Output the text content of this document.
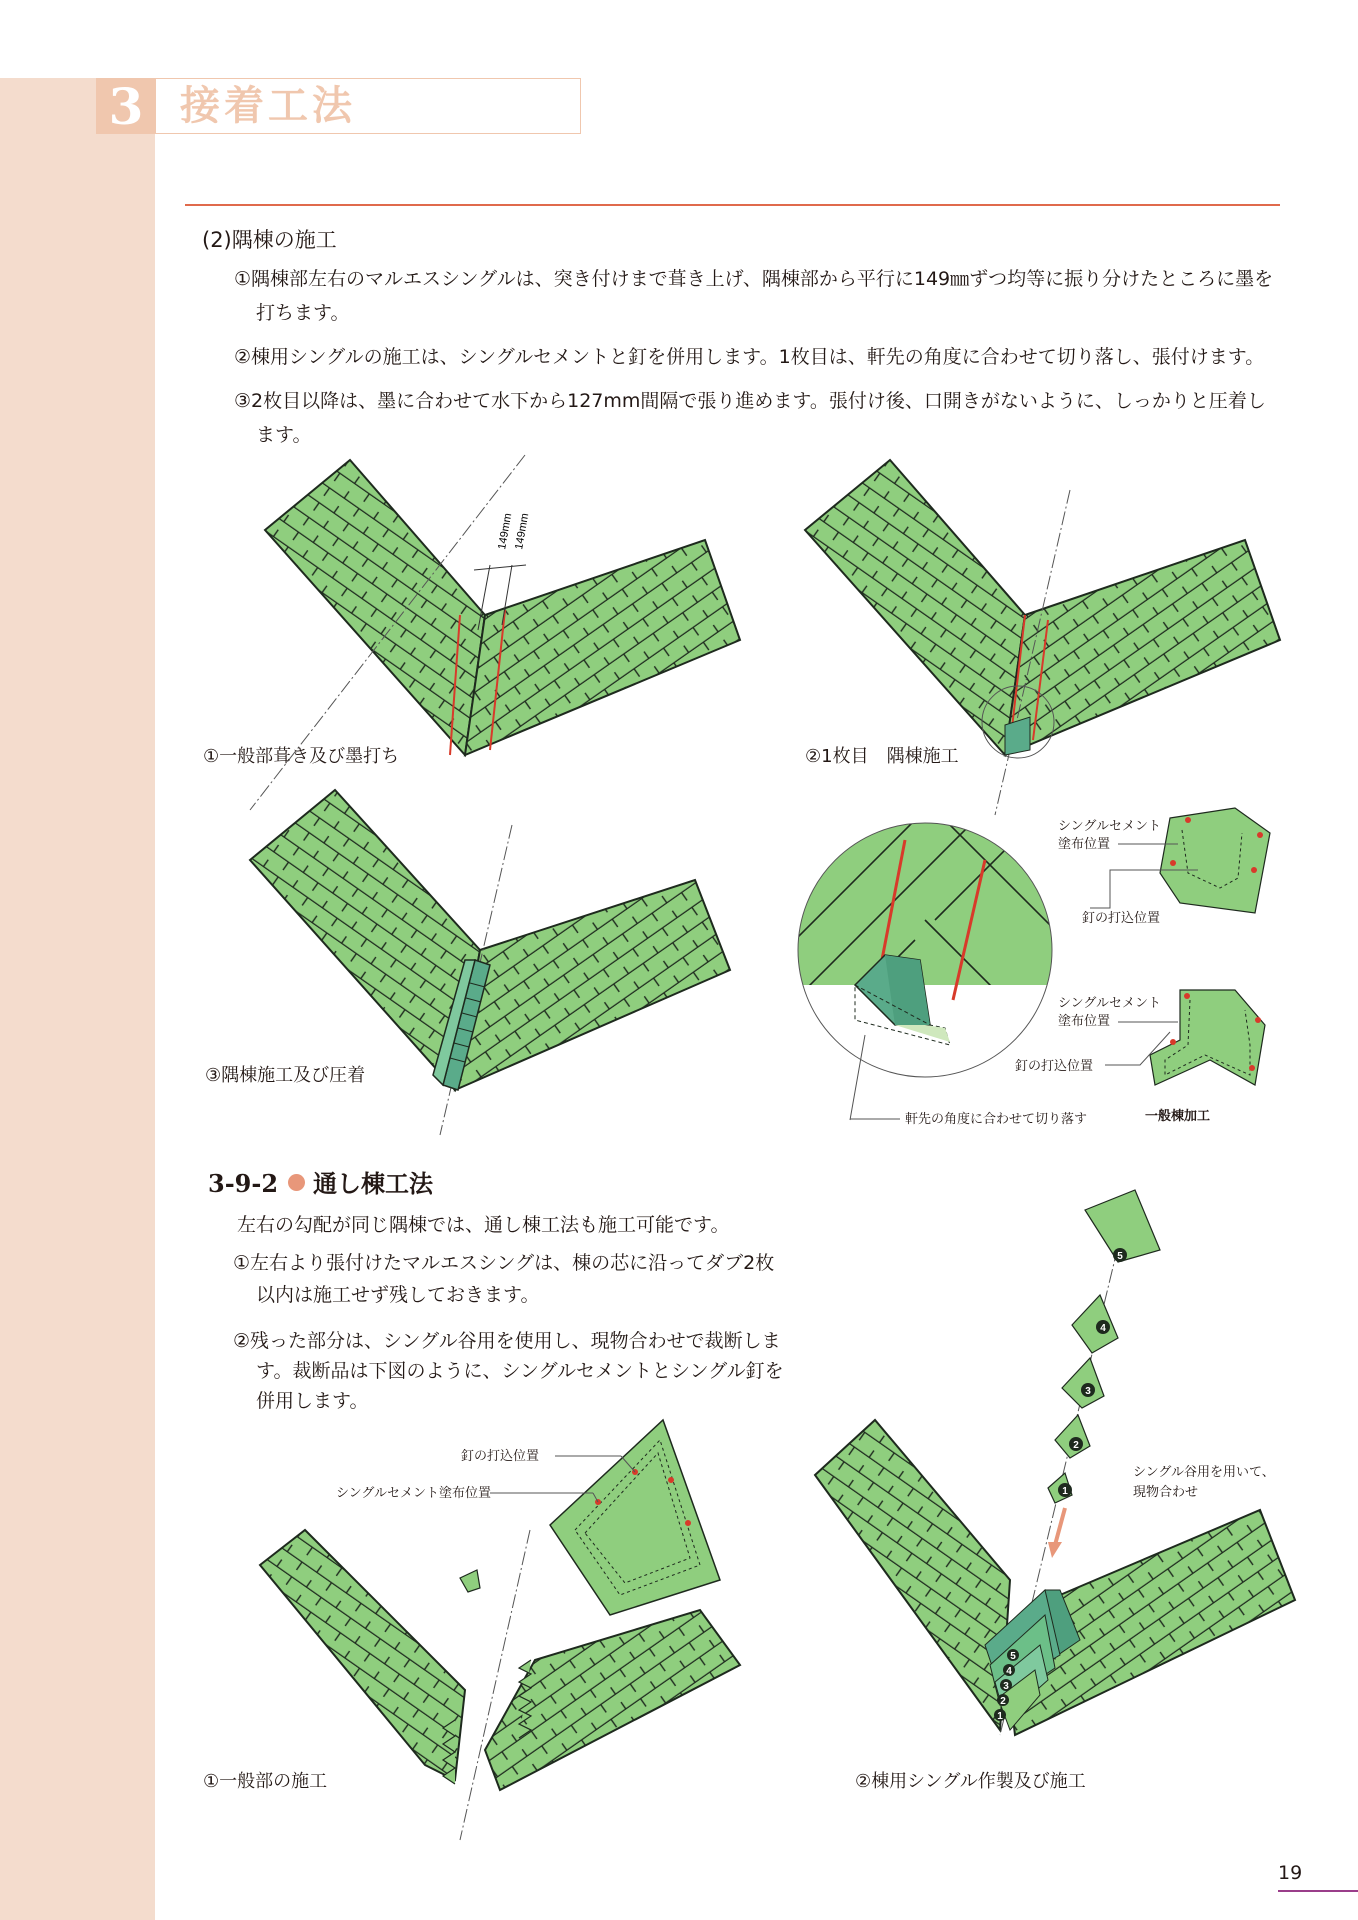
3 接着工法
(2)隅棟の施工
①隅棟部左右のマルエスシングルは、突き付けまで葺き上げ、隅棟部から平行に149㎜ずつ均等に振り分けたところに墨を打ちます。
②棟用シングルの施工は、シングルセメントと釘を併用します。1枚目は、軒先の角度に合わせて切り落し、張付けます。
③2枚目以降は、墨に合わせて水下から127mm間隔で張り進めます。張付け後、口開きがないように、しっかりと圧着します。
149mm
149mm
①一般部葺き及び墨打ち	②1枚目　隅棟施工
③隅棟施工及び圧着
シングルセメント
塗布位置
釘の打込位置
シングルセメント
塗布位置
釘の打込位置
軒先の角度に合わせて切り落す	一般棟加工
3-9-2 通し棟工法
左右の勾配が同じ隅棟では、通し棟工法も施工可能です。
①左右より張付けたマルエスシングは、棟の芯に沿ってダブ2枚
以内は施工せず残しておきます。
②残った部分は、シングル谷用を使用し、現物合わせで裁断しま
す。裁断品は下図のように、シングルセメントとシングル釘を
併用します。
釘の打込位置
シングルセメント塗布位置
①一般部の施工
5
4
3
2
1
5
4
3
2
1
シングル谷用を用いて、
現物合わせ
②棟用シングル作製及び施工
19
